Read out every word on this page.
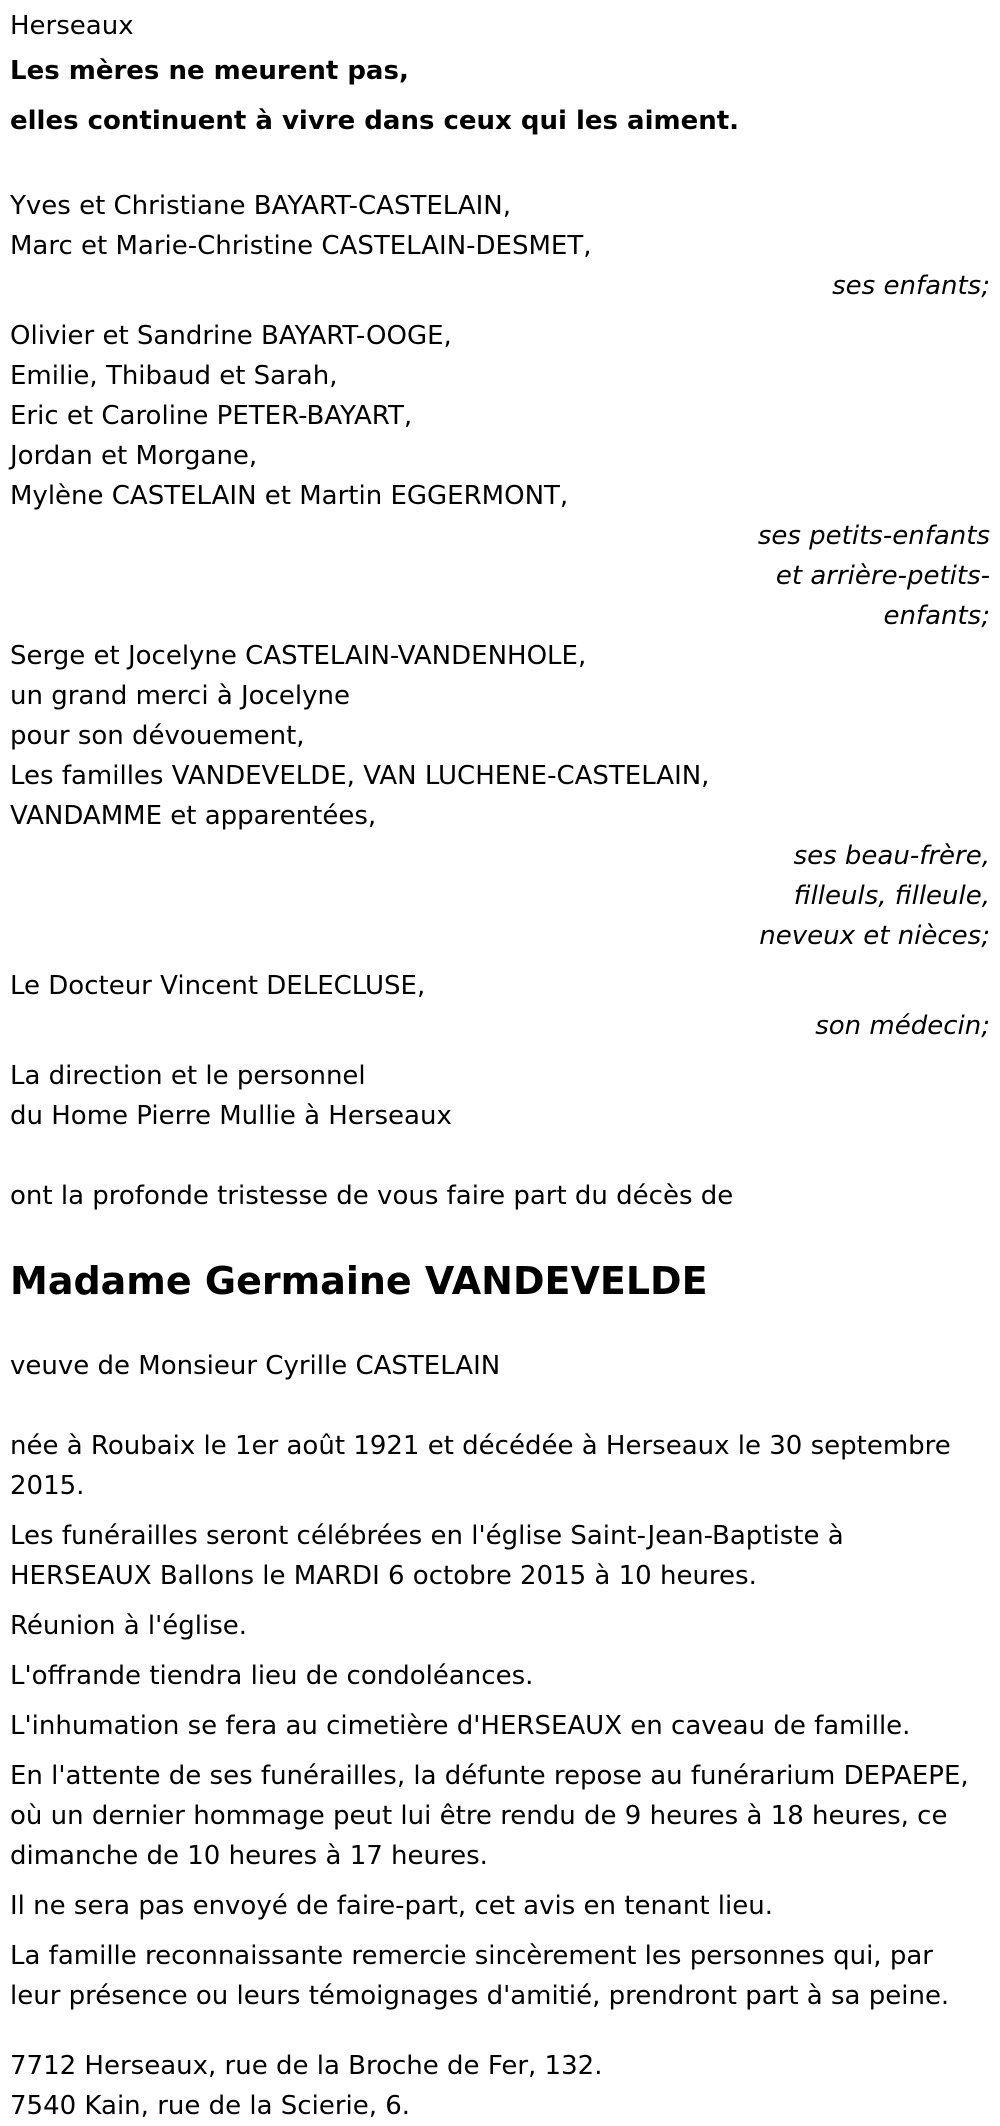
Herseaux
Les mères ne meurent pas,
elles continuent à vivre dans ceux qui les aiment.
Yves et Christiane BAYART-CASTELAIN,
Marc et Marie-Christine CASTELAIN-DESMET,
ses enfants;
Olivier et Sandrine BAYART-OOGE,
Emilie, Thibaud et Sarah,
Eric et Caroline PETER-BAYART,
Jordan et Morgane,
Mylène CASTELAIN et Martin EGGERMONT,
ses petits-enfants
et arrière-petits-
enfants;
Serge et Jocelyne CASTELAIN-VANDENHOLE,
un grand merci à Jocelyne
pour son dévouement,
Les familles VANDEVELDE, VAN LUCHENE-CASTELAIN,
VANDAMME et apparentées,
ses beau-frère,
filleuls, filleule,
neveux et nièces;
Le Docteur Vincent DELECLUSE,
son médecin;
La direction et le personnel
du Home Pierre Mullie à Herseaux
ont la profonde tristesse de vous faire part du décès de
Madame Germaine VANDEVELDE
veuve de Monsieur Cyrille CASTELAIN
née à Roubaix le 1er août 1921 et décédée à Herseaux le 30 septembre 2015.
Les funérailles seront célébrées en l'église Saint-Jean-Baptiste à HERSEAUX Ballons le MARDI 6 octobre 2015 à 10 heures.
Réunion à l'église.
L'offrande tiendra lieu de condoléances.
L'inhumation se fera au cimetière d'HERSEAUX en caveau de famille.
En l'attente de ses funérailles, la défunte repose au funérarium DEPAEPE, où un dernier hommage peut lui être rendu de 9 heures à 18 heures, ce dimanche de 10 heures à 17 heures.
Il ne sera pas envoyé de faire-part, cet avis en tenant lieu.
La famille reconnaissante remercie sincèrement les personnes qui, par leur présence ou leurs témoignages d'amitié, prendront part à sa peine.
7712 Herseaux, rue de la Broche de Fer, 132.
7540 Kain, rue de la Scierie, 6.
